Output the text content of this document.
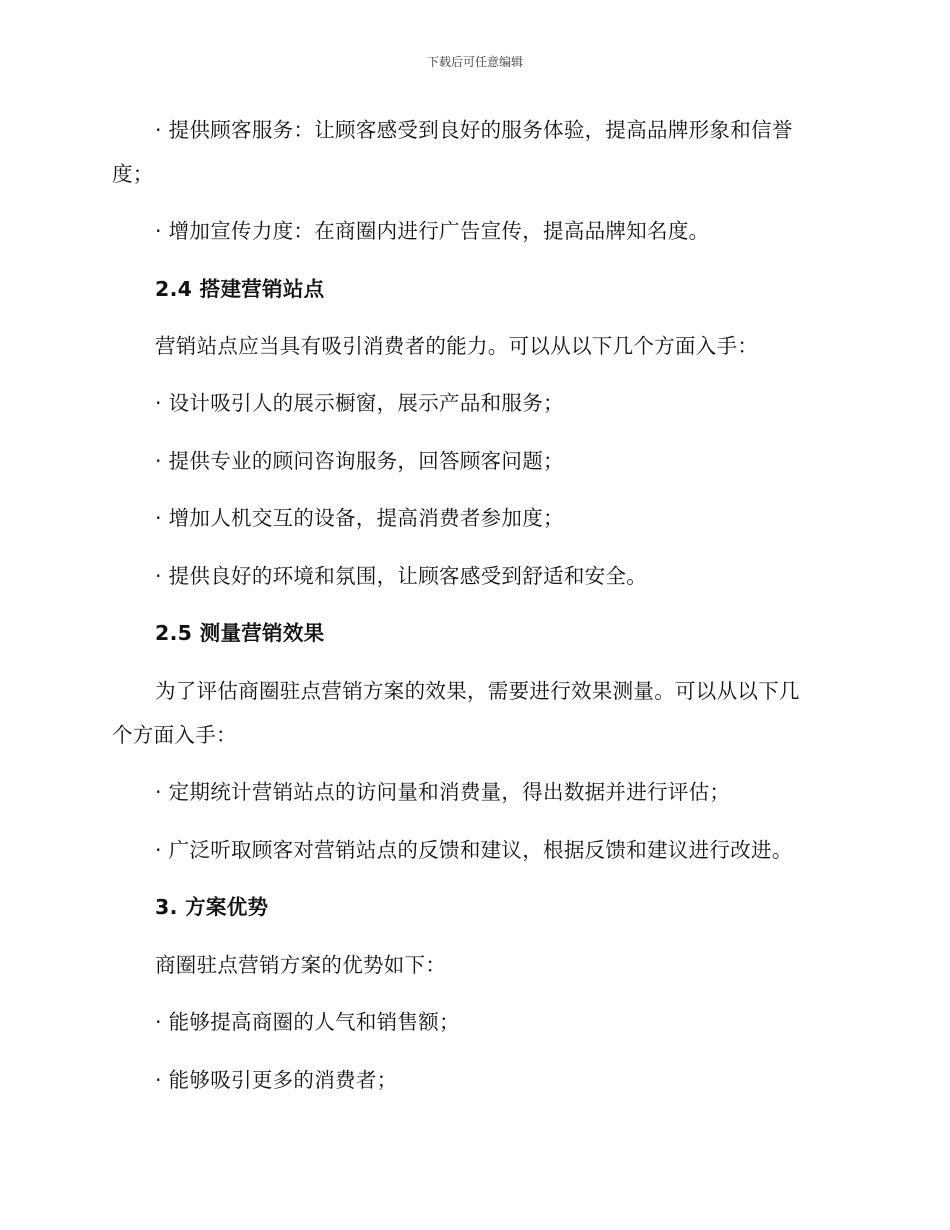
下载后可任意编辑
· 提供顾客服务：让顾客感受到良好的服务体验，提高品牌形象和信誉
度；
· 增加宣传力度：在商圈内进行广告宣传，提高品牌知名度。
2.4 搭建营销站点
营销站点应当具有吸引消费者的能力。可以从以下几个方面入手：
· 设计吸引人的展示橱窗，展示产品和服务；
· 提供专业的顾问咨询服务，回答顾客问题；
· 增加人机交互的设备，提高消费者参加度；
· 提供良好的环境和氛围，让顾客感受到舒适和安全。
2.5 测量营销效果
为了评估商圈驻点营销方案的效果，需要进行效果测量。可以从以下几
个方面入手：
· 定期统计营销站点的访问量和消费量，得出数据并进行评估；
· 广泛听取顾客对营销站点的反馈和建议，根据反馈和建议进行改进。
3. 方案优势
商圈驻点营销方案的优势如下：
· 能够提高商圈的人气和销售额；
· 能够吸引更多的消费者；
